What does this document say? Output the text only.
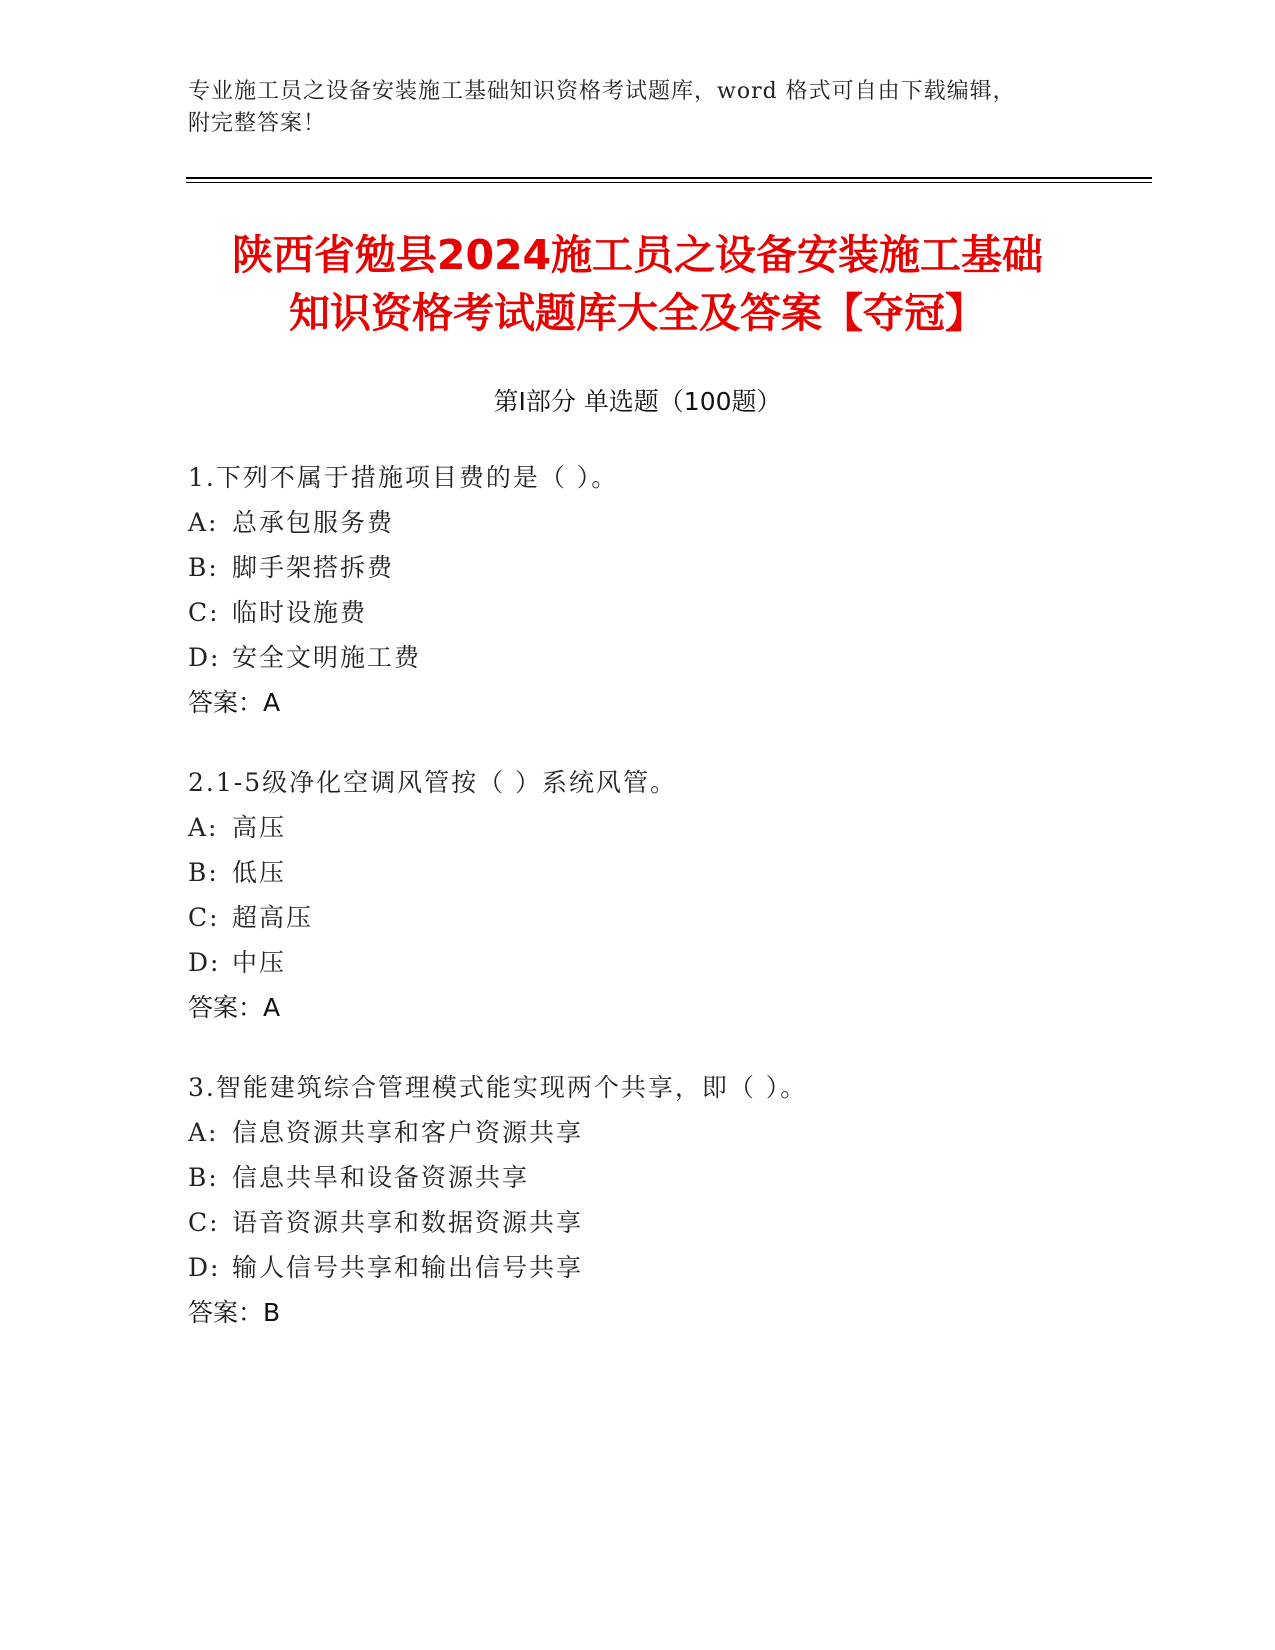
专业施工员之设备安装施工基础知识资格考试题库，word 格式可自由下载编辑，
附完整答案！
陕西省勉县2024施工员之设备安装施工基础
知识资格考试题库大全及答案【夺冠】
第Ⅰ部分 单选题（100题）
1.下列不属于措施项目费的是（ ）。
A: 总承包服务费
B: 脚手架搭拆费
C: 临时设施费
D: 安全文明施工费
答案：A
2.1-5级净化空调风管按（ ）系统风管。
A: 高压
B: 低压
C: 超高压
D: 中压
答案：A
3.智能建筑综合管理模式能实现两个共享，即（ ）。
A: 信息资源共享和客户资源共享
B: 信息共旱和设备资源共享
C: 语音资源共享和数据资源共享
D: 输人信号共享和输出信号共享
答案：B
